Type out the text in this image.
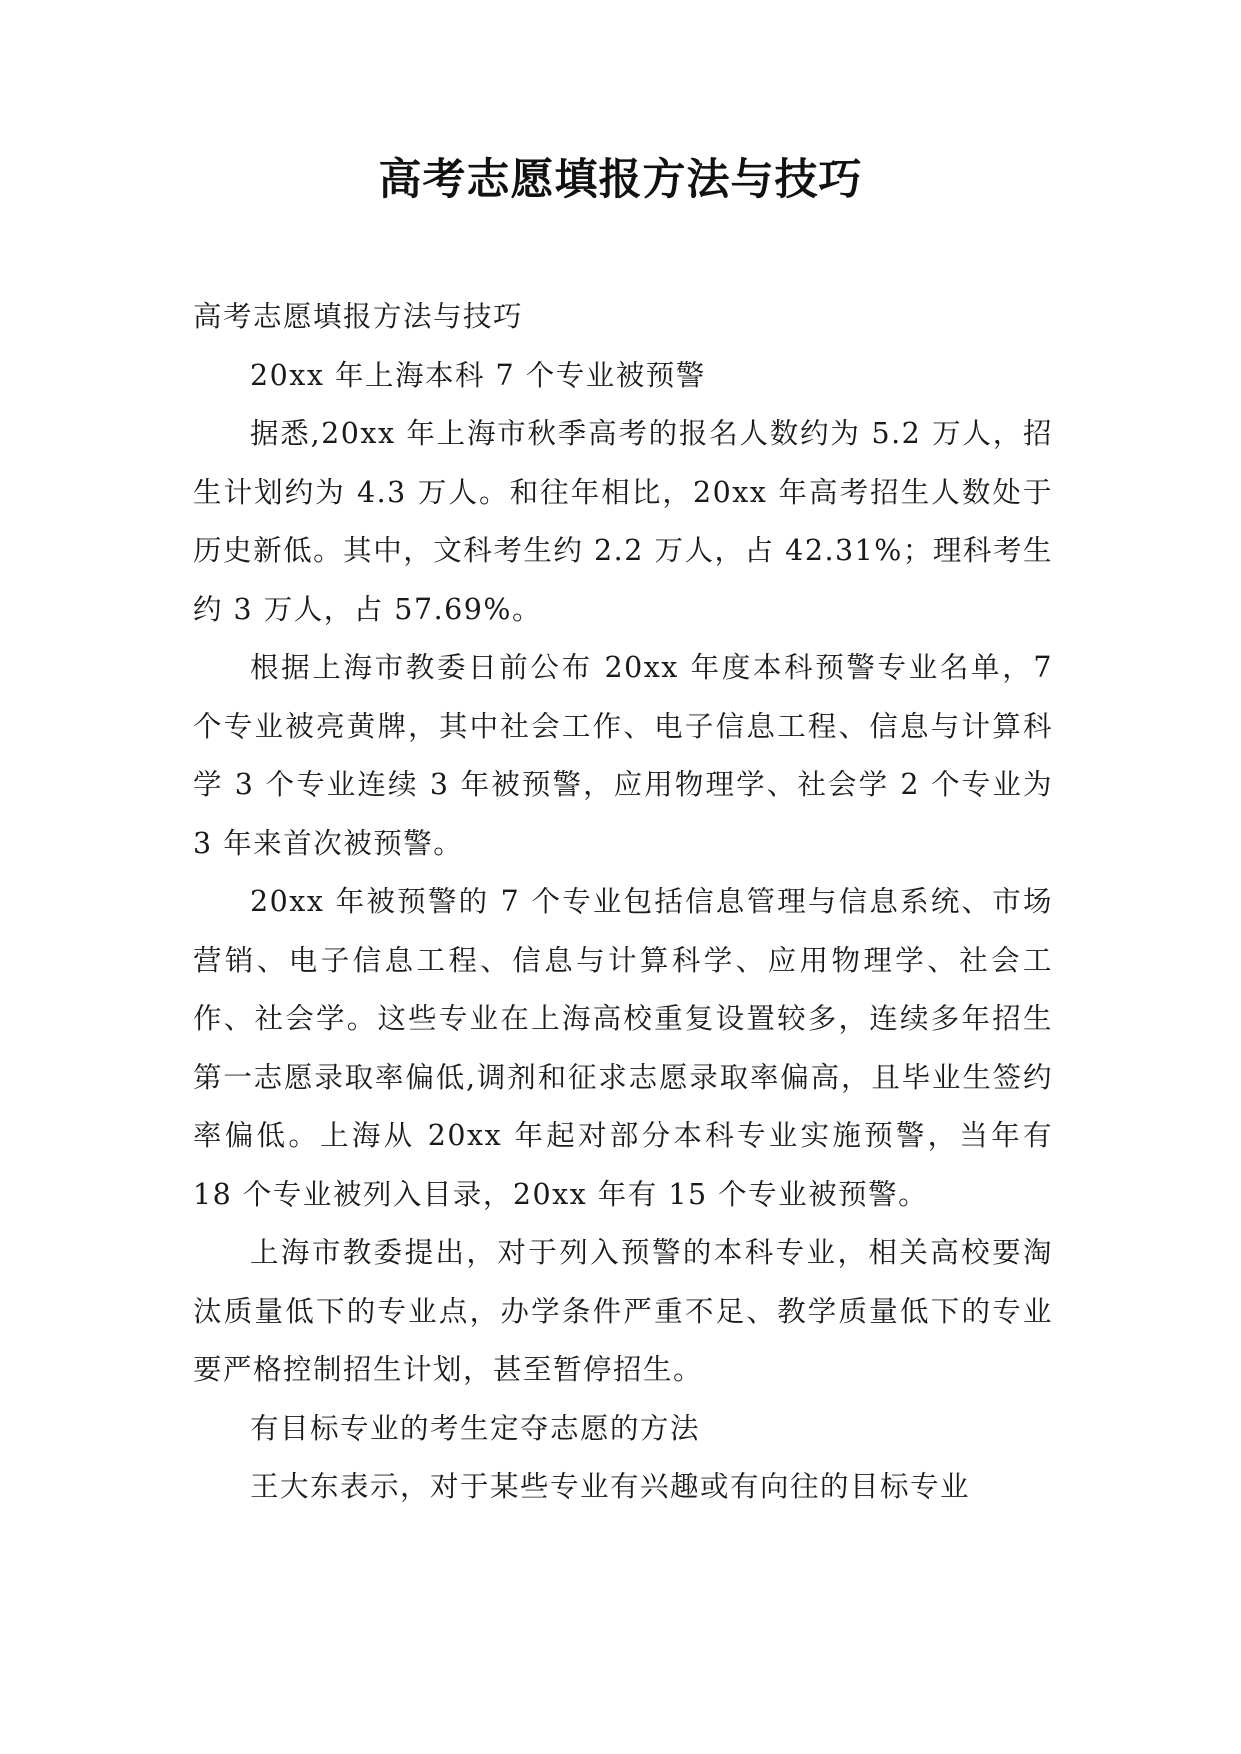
高考志愿填报方法与技巧

高考志愿填报方法与技巧

20xx 年上海本科 7 个专业被预警

据悉,20xx 年上海市秋季高考的报名人数约为 5.2 万人，招生计划约为 4.3 万人。和往年相比，20xx 年高考招生人数处于历史新低。其中，文科考生约 2.2 万人，占 42.31%；理科考生约 3 万人，占 57.69%。

根据上海市教委日前公布 20xx 年度本科预警专业名单，7 个专业被亮黄牌，其中社会工作、电子信息工程、信息与计算科学 3 个专业连续 3 年被预警，应用物理学、社会学 2 个专业为 3 年来首次被预警。

20xx 年被预警的 7 个专业包括信息管理与信息系统、市场营销、电子信息工程、信息与计算科学、应用物理学、社会工作、社会学。这些专业在上海高校重复设置较多，连续多年招生第一志愿录取率偏低,调剂和征求志愿录取率偏高，且毕业生签约率偏低。上海从 20xx 年起对部分本科专业实施预警，当年有 18 个专业被列入目录，20xx 年有 15 个专业被预警。

上海市教委提出，对于列入预警的本科专业，相关高校要淘汰质量低下的专业点，办学条件严重不足、教学质量低下的专业要严格控制招生计划，甚至暂停招生。

有目标专业的考生定夺志愿的方法

王大东表示，对于某些专业有兴趣或有向往的目标专业
